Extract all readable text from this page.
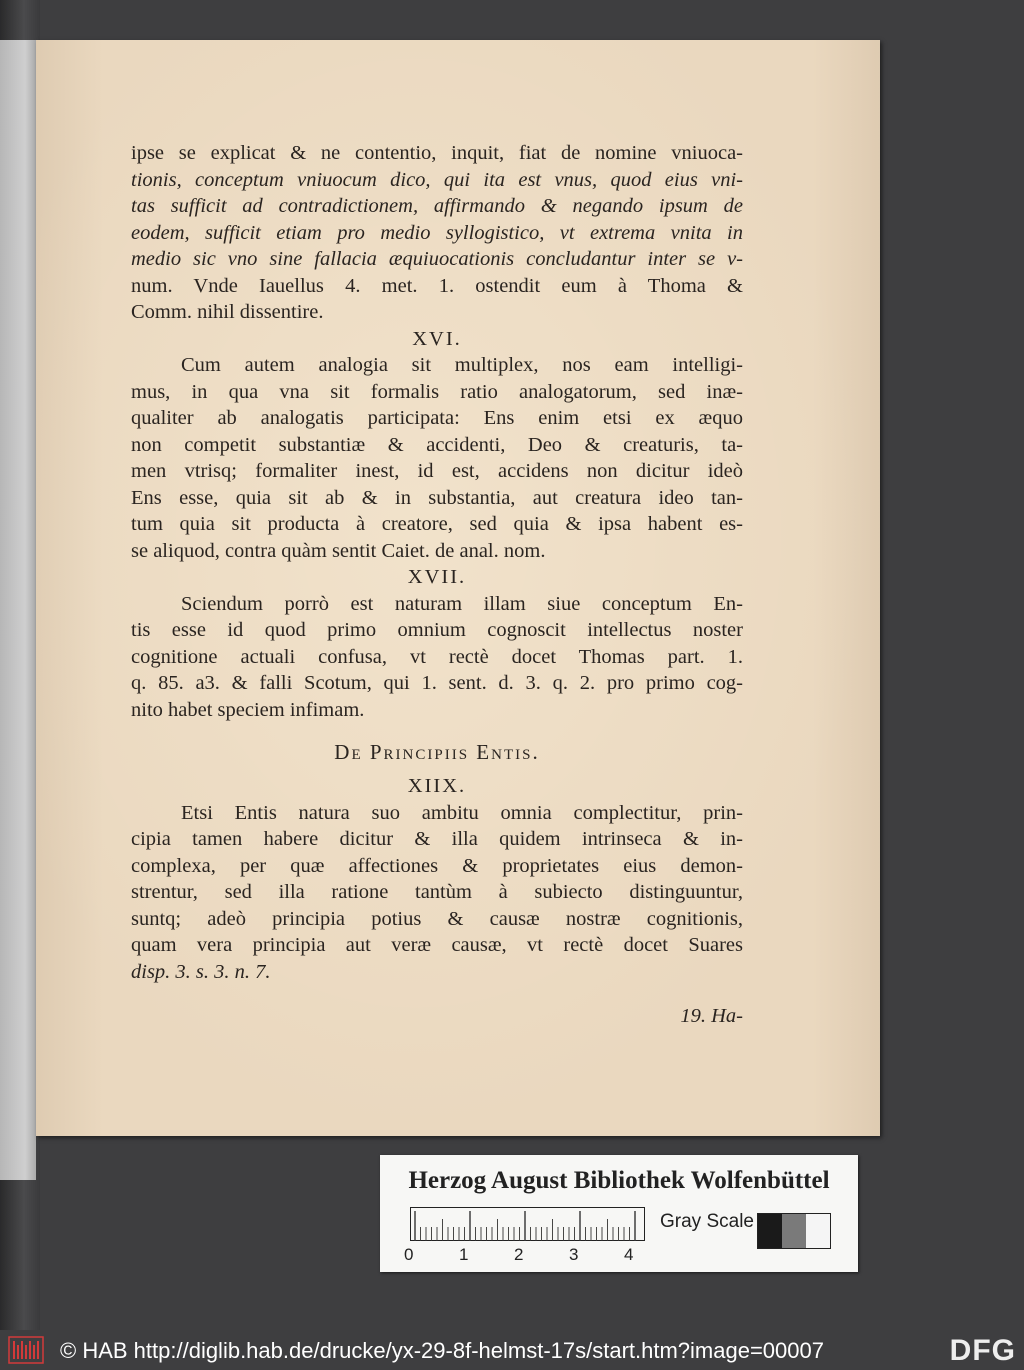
ipse se explicat & ne contentio, inquit, fiat de nomine vniuoca-
tionis, conceptum vniuocum dico, qui ita est vnus, quod eius vni-
tas sufficit ad contradictionem, affirmando & negando ipsum de
eodem, sufficit etiam pro medio syllogistico, vt extrema vnita in
medio sic vno sine fallacia æquiuocationis concludantur inter se v-
num. Vnde Iauellus 4. met. 1. ostendit eum à Thoma &
Comm. nihil dissentire.
XVI.
Cum autem analogia sit multiplex, nos eam intelligi-
mus, in qua vna sit formalis ratio analogatorum, sed inæ-
qualiter ab analogatis participata: Ens enim etsi ex æquo
non competit substantiæ & accidenti, Deo & creaturis, ta-
men vtrisq; formaliter inest, id est, accidens non dicitur ideò
Ens esse, quia sit ab & in substantia, aut creatura ideo tan-
tum quia sit producta à creatore, sed quia & ipsa habent es-
se aliquod, contra quàm sentit Caiet. de anal. nom.
XVII.
Sciendum porrò est naturam illam siue conceptum En-
tis esse id quod primo omnium cognoscit intellectus noster
cognitione actuali confusa, vt rectè docet Thomas part. 1.
q. 85. a3. & falli Scotum, qui 1. sent. d. 3. q. 2. pro primo cog-
nito habet speciem infimam.
De Principiis Entis.
XIIX.
Etsi Entis natura suo ambitu omnia complectitur, prin-
cipia tamen habere dicitur & illa quidem intrinseca & in-
complexa, per quæ affectiones & proprietates eius demon-
strentur, sed illa ratione tantùm à subiecto distinguuntur,
suntq; adeò principia potius & causæ nostræ cognitionis,
quam vera principia aut veræ causæ, vt rectè docet Suares
disp. 3. s. 3. n. 7.
19. Ha-
Herzog August Bibliothek Wolfenbüttel
0	1	2	3	4
Gray Scale
© HAB http://diglib.hab.de/drucke/yx-29-8f-helmst-17s/start.htm?image=00007	DFG
